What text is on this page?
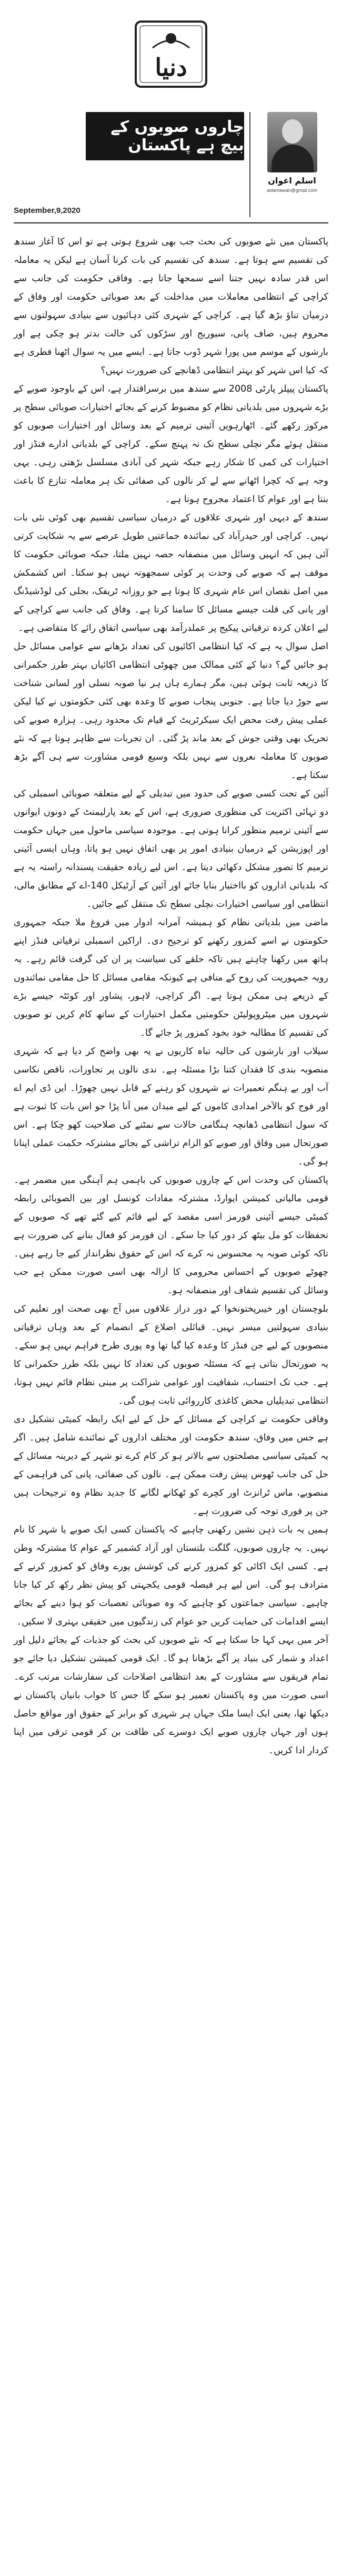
دنیا
September,9,2020
چاروں صوبوں کے بیچ ہے پاکستان
اسلم اعوان
aslamawan@gmail.com

پاکستان میں نئے صوبوں کی بحث جب بھی شروع ہوتی ہے تو اس کا آغاز سندھ کی تقسیم سے ہوتا ہے۔ سندھ کی تقسیم کی بات کرنا آسان ہے لیکن یہ معاملہ اس قدر سادہ نہیں جتنا اسے سمجھا جاتا ہے۔ وفاقی حکومت کی جانب سے کراچی کے انتظامی معاملات میں مداخلت کے بعد صوبائی حکومت اور وفاق کے درمیان تناؤ بڑھ گیا ہے۔ کراچی کے شہری کئی دہائیوں سے بنیادی سہولتوں سے محروم ہیں، صاف پانی، سیوریج اور سڑکوں کی حالت بدتر ہو چکی ہے اور بارشوں کے موسم میں پورا شہر ڈوب جاتا ہے۔ ایسے میں یہ سوال اٹھنا فطری ہے کہ کیا اس شہر کو بہتر انتظامی ڈھانچے کی ضرورت نہیں؟

پاکستان پیپلز پارٹی 2008 سے سندھ میں برسراقتدار ہے، اس کے باوجود صوبے کے بڑے شہروں میں بلدیاتی نظام کو مضبوط کرنے کے بجائے اختیارات صوبائی سطح پر مرکوز رکھے گئے۔ اٹھارہویں آئینی ترمیم کے بعد وسائل اور اختیارات صوبوں کو منتقل ہوئے مگر نچلی سطح تک نہ پہنچ سکے۔ کراچی کے بلدیاتی ادارے فنڈز اور اختیارات کی کمی کا شکار رہے جبکہ شہر کی آبادی مسلسل بڑھتی رہی۔ یہی وجہ ہے کہ کچرا اٹھانے سے لے کر نالوں کی صفائی تک ہر معاملہ تنازع کا باعث بنتا ہے اور عوام کا اعتماد مجروح ہوتا ہے۔

سندھ کے دیہی اور شہری علاقوں کے درمیان سیاسی تقسیم بھی کوئی نئی بات نہیں۔ کراچی اور حیدرآباد کی نمائندہ جماعتیں طویل عرصے سے یہ شکایت کرتی آئی ہیں کہ انہیں وسائل میں منصفانہ حصہ نہیں ملتا، جبکہ صوبائی حکومت کا موقف ہے کہ صوبے کی وحدت پر کوئی سمجھوتہ نہیں ہو سکتا۔ اس کشمکش میں اصل نقصان اس عام شہری کا ہوتا ہے جو روزانہ ٹریفک، بجلی کی لوڈشیڈنگ اور پانی کی قلت جیسے مسائل کا سامنا کرتا ہے۔ وفاق کی جانب سے کراچی کے لیے اعلان کردہ ترقیاتی پیکیج پر عملدرآمد بھی سیاسی اتفاق رائے کا متقاضی ہے۔

اصل سوال یہ ہے کہ کیا انتظامی اکائیوں کی تعداد بڑھانے سے عوامی مسائل حل ہو جائیں گے؟ دنیا کے کئی ممالک میں چھوٹی انتظامی اکائیاں بہتر طرز حکمرانی کا ذریعہ ثابت ہوئی ہیں، مگر ہمارے ہاں ہر نیا صوبہ نسلی اور لسانی شناخت سے جوڑ دیا جاتا ہے۔ جنوبی پنجاب صوبے کا وعدہ بھی کئی حکومتوں نے کیا لیکن عملی پیش رفت محض ایک سیکرٹریٹ کے قیام تک محدود رہی۔ ہزارہ صوبے کی تحریک بھی وقتی جوش کے بعد ماند پڑ گئی۔ ان تجربات سے ظاہر ہوتا ہے کہ نئے صوبوں کا معاملہ نعروں سے نہیں بلکہ وسیع قومی مشاورت سے ہی آگے بڑھ سکتا ہے۔

آئین کے تحت کسی صوبے کی حدود میں تبدیلی کے لیے متعلقہ صوبائی اسمبلی کی دو تہائی اکثریت کی منظوری ضروری ہے، اس کے بعد پارلیمنٹ کے دونوں ایوانوں سے آئینی ترمیم منظور کرانا ہوتی ہے۔ موجودہ سیاسی ماحول میں جہاں حکومت اور اپوزیشن کے درمیان بنیادی امور پر بھی اتفاق نہیں ہو پاتا، وہاں ایسی آئینی ترمیم کا تصور مشکل دکھائی دیتا ہے۔ اس لیے زیادہ حقیقت پسندانہ راستہ یہ ہے کہ بلدیاتی اداروں کو بااختیار بنایا جائے اور آئین کے آرٹیکل 140-اے کے مطابق مالی، انتظامی اور سیاسی اختیارات نچلی سطح تک منتقل کیے جائیں۔

ماضی میں بلدیاتی نظام کو ہمیشہ آمرانہ ادوار میں فروغ ملا جبکہ جمہوری حکومتوں نے اسے کمزور رکھنے کو ترجیح دی۔ اراکین اسمبلی ترقیاتی فنڈز اپنے ہاتھ میں رکھنا چاہتے ہیں تاکہ حلقے کی سیاست پر ان کی گرفت قائم رہے۔ یہ رویہ جمہوریت کی روح کے منافی ہے کیونکہ مقامی مسائل کا حل مقامی نمائندوں کے ذریعے ہی ممکن ہوتا ہے۔ اگر کراچی، لاہور، پشاور اور کوئٹہ جیسے بڑے شہروں میں میٹروپولیٹن حکومتیں مکمل اختیارات کے ساتھ کام کریں تو صوبوں کی تقسیم کا مطالبہ خود بخود کمزور پڑ جائے گا۔

سیلاب اور بارشوں کی حالیہ تباہ کاریوں نے یہ بھی واضح کر دیا ہے کہ شہری منصوبہ بندی کا فقدان کتنا بڑا مسئلہ ہے۔ ندی نالوں پر تجاوزات، ناقص نکاسی آب اور بے ہنگم تعمیرات نے شہروں کو رہنے کے قابل نہیں چھوڑا۔ این ڈی ایم اے اور فوج کو بالآخر امدادی کاموں کے لیے میدان میں آنا پڑا جو اس بات کا ثبوت ہے کہ سول انتظامی ڈھانچہ ہنگامی حالات سے نمٹنے کی صلاحیت کھو چکا ہے۔ اس صورتحال میں وفاق اور صوبے کو الزام تراشی کے بجائے مشترکہ حکمت عملی اپنانا ہو گی۔

پاکستان کی وحدت اس کے چاروں صوبوں کی باہمی ہم آہنگی میں مضمر ہے۔ قومی مالیاتی کمیشن ایوارڈ، مشترکہ مفادات کونسل اور بین الصوبائی رابطہ کمیٹی جیسے آئینی فورمز اسی مقصد کے لیے قائم کیے گئے تھے کہ صوبوں کے تحفظات کو مل بیٹھ کر دور کیا جا سکے۔ ان فورمز کو فعال بنانے کی ضرورت ہے تاکہ کوئی صوبہ یہ محسوس نہ کرے کہ اس کے حقوق نظرانداز کیے جا رہے ہیں۔ چھوٹے صوبوں کے احساس محرومی کا ازالہ بھی اسی صورت ممکن ہے جب وسائل کی تقسیم شفاف اور منصفانہ ہو۔

بلوچستان اور خیبرپختونخوا کے دور دراز علاقوں میں آج بھی صحت اور تعلیم کی بنیادی سہولتیں میسر نہیں۔ قبائلی اضلاع کے انضمام کے بعد وہاں ترقیاتی منصوبوں کے لیے جن فنڈز کا وعدہ کیا گیا تھا وہ پوری طرح فراہم نہیں ہو سکے۔ یہ صورتحال بتاتی ہے کہ مسئلہ صوبوں کی تعداد کا نہیں بلکہ طرز حکمرانی کا ہے۔ جب تک احتساب، شفافیت اور عوامی شراکت پر مبنی نظام قائم نہیں ہوتا، انتظامی تبدیلیاں محض کاغذی کارروائی ثابت ہوں گی۔

وفاقی حکومت نے کراچی کے مسائل کے حل کے لیے ایک رابطہ کمیٹی تشکیل دی ہے جس میں وفاق، سندھ حکومت اور مختلف اداروں کے نمائندے شامل ہیں۔ اگر یہ کمیٹی سیاسی مصلحتوں سے بالاتر ہو کر کام کرے تو شہر کے دیرینہ مسائل کے حل کی جانب ٹھوس پیش رفت ممکن ہے۔ نالوں کی صفائی، پانی کی فراہمی کے منصوبے، ماس ٹرانزٹ اور کچرے کو ٹھکانے لگانے کا جدید نظام وہ ترجیحات ہیں جن پر فوری توجہ کی ضرورت ہے۔

ہمیں یہ بات ذہن نشین رکھنی چاہیے کہ پاکستان کسی ایک صوبے یا شہر کا نام نہیں۔ یہ چاروں صوبوں، گلگت بلتستان اور آزاد کشمیر کے عوام کا مشترکہ وطن ہے۔ کسی ایک اکائی کو کمزور کرنے کی کوشش پورے وفاق کو کمزور کرنے کے مترادف ہو گی۔ اس لیے ہر فیصلہ قومی یکجہتی کو پیش نظر رکھ کر کیا جانا چاہیے۔ سیاسی جماعتوں کو چاہیے کہ وہ صوبائی تعصبات کو ہوا دینے کے بجائے ایسے اقدامات کی حمایت کریں جو عوام کی زندگیوں میں حقیقی بہتری لا سکیں۔

آخر میں یہی کہا جا سکتا ہے کہ نئے صوبوں کی بحث کو جذبات کے بجائے دلیل اور اعداد و شمار کی بنیاد پر آگے بڑھانا ہو گا۔ ایک قومی کمیشن تشکیل دیا جائے جو تمام فریقوں سے مشاورت کے بعد انتظامی اصلاحات کی سفارشات مرتب کرے۔ اسی صورت میں وہ پاکستان تعمیر ہو سکے گا جس کا خواب بانیان پاکستان نے دیکھا تھا، یعنی ایک ایسا ملک جہاں ہر شہری کو برابر کے حقوق اور مواقع حاصل ہوں اور جہاں چاروں صوبے ایک دوسرے کی طاقت بن کر قومی ترقی میں اپنا کردار ادا کریں۔
